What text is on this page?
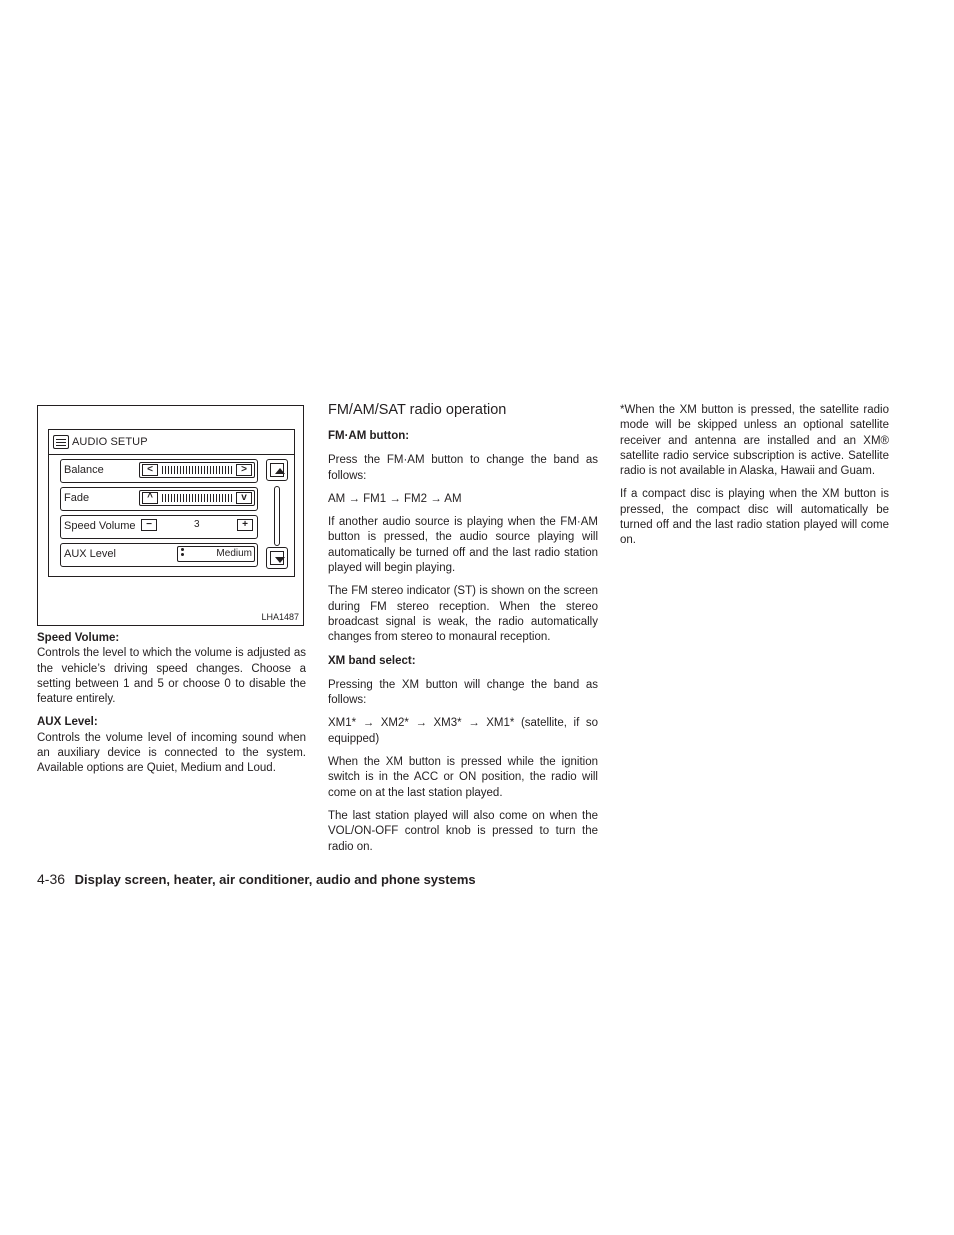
AUDIO SETUP
Balance	<	>
Fade	^	v
Speed Volume	−	3	+
AUX Level	Medium
LHA1487

Speed Volume:

Controls the level to which the volume is adjusted as the vehicle’s driving speed changes. Choose a setting between 1 and 5 or choose 0 to disable the feature entirely.

AUX Level:

Controls the volume level of incoming sound when an auxiliary device is connected to the system. Available options are Quiet, Medium and Loud.

FM/AM/SAT radio operation

FM·AM button:

Press the FM·AM button to change the band as follows:

AM → FM1 → FM2 → AM

If another audio source is playing when the FM·AM button is pressed, the audio source playing will automatically be turned off and the last radio station played will begin playing.

The FM stereo indicator (ST) is shown on the screen during FM stereo reception. When the stereo broadcast signal is weak, the radio automatically changes from stereo to monaural reception.

XM band select:

Pressing the XM button will change the band as follows:

XM1* → XM2* → XM3* → XM1* (satellite, if so equipped)

When the XM button is pressed while the ignition switch is in the ACC or ON position, the radio will come on at the last station played.

The last station played will also come on when the VOL/ON-OFF control knob is pressed to turn the radio on.

*When the XM button is pressed, the satellite radio mode will be skipped unless an optional satellite receiver and antenna are installed and an XM® satellite radio service subscription is active. Satellite radio is not available in Alaska, Hawaii and Guam.

If a compact disc is playing when the XM button is pressed, the compact disc will automatically be turned off and the last radio station played will come on.

4-36 Display screen, heater, air conditioner, audio and phone systems
